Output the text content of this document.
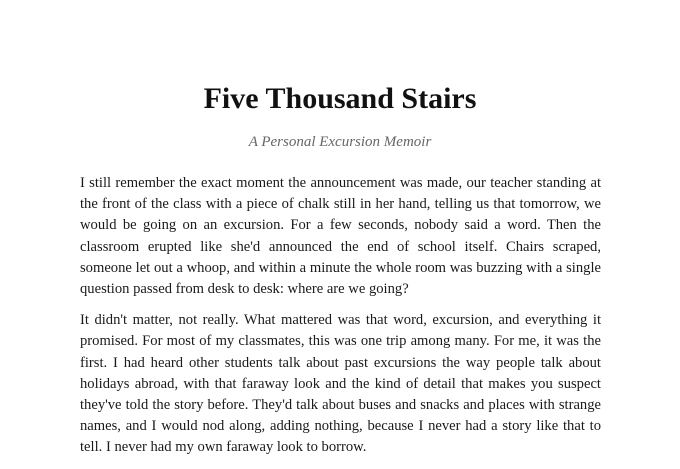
Five Thousand Stairs

A Personal Excursion Memoir

I still remember the exact moment the announcement was made, our teacher standing at the front of the class with a piece of chalk still in her hand, telling us that tomorrow, we would be going on an excursion. For a few seconds, nobody said a word. Then the classroom erupted like she'd announced the end of school itself. Chairs scraped, someone let out a whoop, and within a minute the whole room was buzzing with a single question passed from desk to desk: where are we going?

It didn't matter, not really. What mattered was that word, excursion, and everything it promised. For most of my classmates, this was one trip among many. For me, it was the first. I had heard other students talk about past excursions the way people talk about holidays abroad, with that faraway look and the kind of detail that makes you suspect they've told the story before. They'd talk about buses and snacks and places with strange names, and I would nod along, adding nothing, because I never had a story like that to tell. I never had my own faraway look to borrow.
